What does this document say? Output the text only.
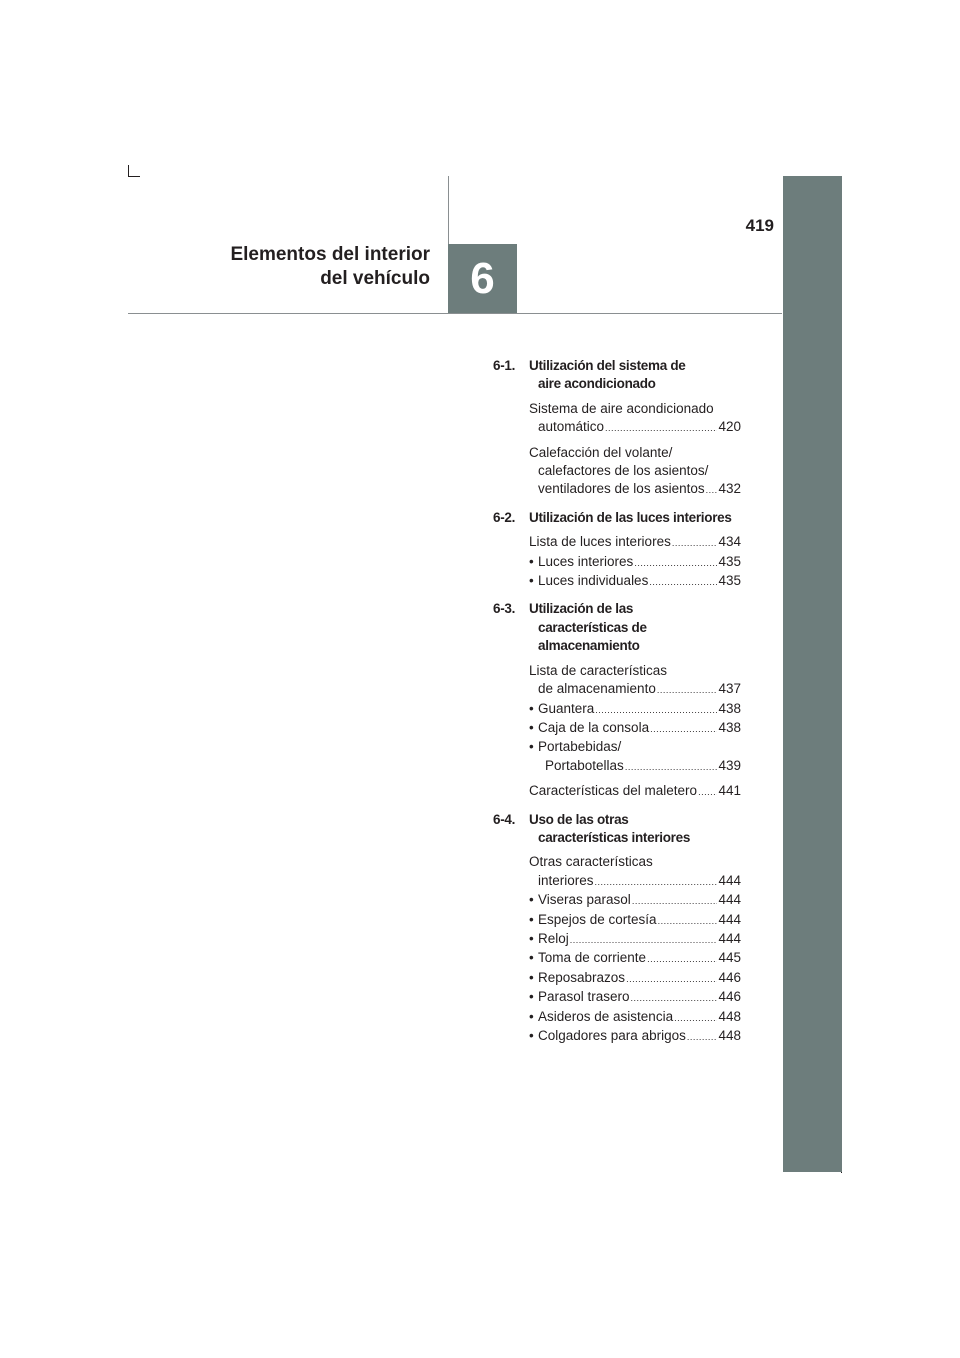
Elementos del interior
del vehículo 6
419
6-1.	Utilización del sistema de
aire acondicionado
Sistema de aire acondicionado
automático .....	420
Calefacción del volante/
calefactores de los asientos/
ventiladores de los asientos ..... 432
6-2.	Utilización de las luces interiores
Lista de luces interiores .....	434
• Luces interiores .....	435
• Luces individuales .....	435
6-3.	Utilización de las
características de
almacenamiento
Lista de características
de almacenamiento .....	437
• Guantera .....	438
• Caja de la consola .....	438
• Portabebidas/
Portabotellas .....	439
Características del maletero ..... 441
6-4.	Uso de las otras
características interiores
Otras características
interiores .....	444
• Viseras parasol .....	444
• Espejos de cortesía .....	444
• Reloj .....	444
• Toma de corriente .....	445
• Reposabrazos .....	446
• Parasol trasero .....	446
• Asideros de asistencia .....	448
• Colgadores para abrigos ..... 448
